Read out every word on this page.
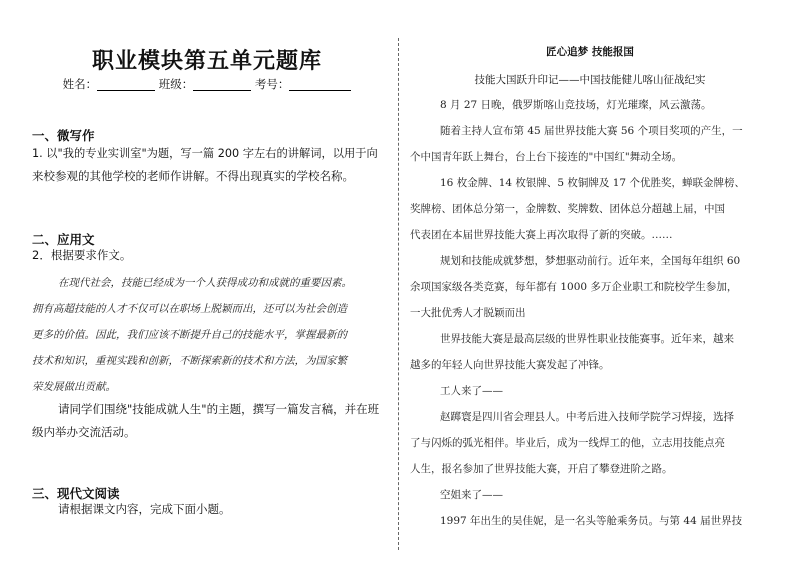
职业模块第五单元题库
姓名：	班级：	考号：
一、微写作
1. 以"我的专业实训室"为题，写一篇 200 字左右的讲解词，以用于向
来校参观的其他学校的老师作讲解。不得出现真实的学校名称。
二、应用文
2．根据要求作文。
在现代社会，技能已经成为一个人获得成功和成就的重要因素。
拥有高超技能的人才不仅可以在职场上脱颖而出，还可以为社会创造
更多的价值。因此，我们应该不断提升自己的技能水平，掌握最新的
技术和知识，重视实践和创新，不断探索新的技术和方法，为国家繁
荣发展做出贡献。
请同学们围绕"技能成就人生"的主题，撰写一篇发言稿，并在班
级内举办交流活动。
三、现代文阅读
请根据课文内容，完成下面小题。
匠心追梦 技能报国
技能大国跃升印记——中国技能健儿喀山征战纪实
8 月 27 日晚，俄罗斯喀山竞技场，灯光璀璨，风云激荡。
随着主持人宣布第 45 届世界技能大赛 56 个项目奖项的产生，一
个中国青年跃上舞台，台上台下接连的"中国红"舞动全场。
16 枚金牌、14 枚银牌、5 枚铜牌及 17 个优胜奖，蝉联金牌榜、
奖牌榜、团体总分第一，金牌数、奖牌数、团体总分超越上届，中国
代表团在本届世界技能大赛上再次取得了新的突破。……
规划和技能成就梦想，梦想驱动前行。近年来，全国每年组织 60
余项国家级各类竞赛，每年都有 1000 多万企业职工和院校学生参加，
一大批优秀人才脱颖而出
世界技能大赛是最高层级的世界性职业技能赛事。近年来，越来
越多的年轻人向世界技能大赛发起了冲锋。
工人来了——
赵踯寰是四川省会理县人。中考后进入技师学院学习焊接，选择
了与闪烁的弧光相伴。毕业后，成为一线焊工的他，立志用技能点亮
人生，报名参加了世界技能大赛，开启了攀登进阶之路。
空姐来了——
1997 年出生的吴佳妮，是一名头等舱乘务员。与第 44 届世界技
